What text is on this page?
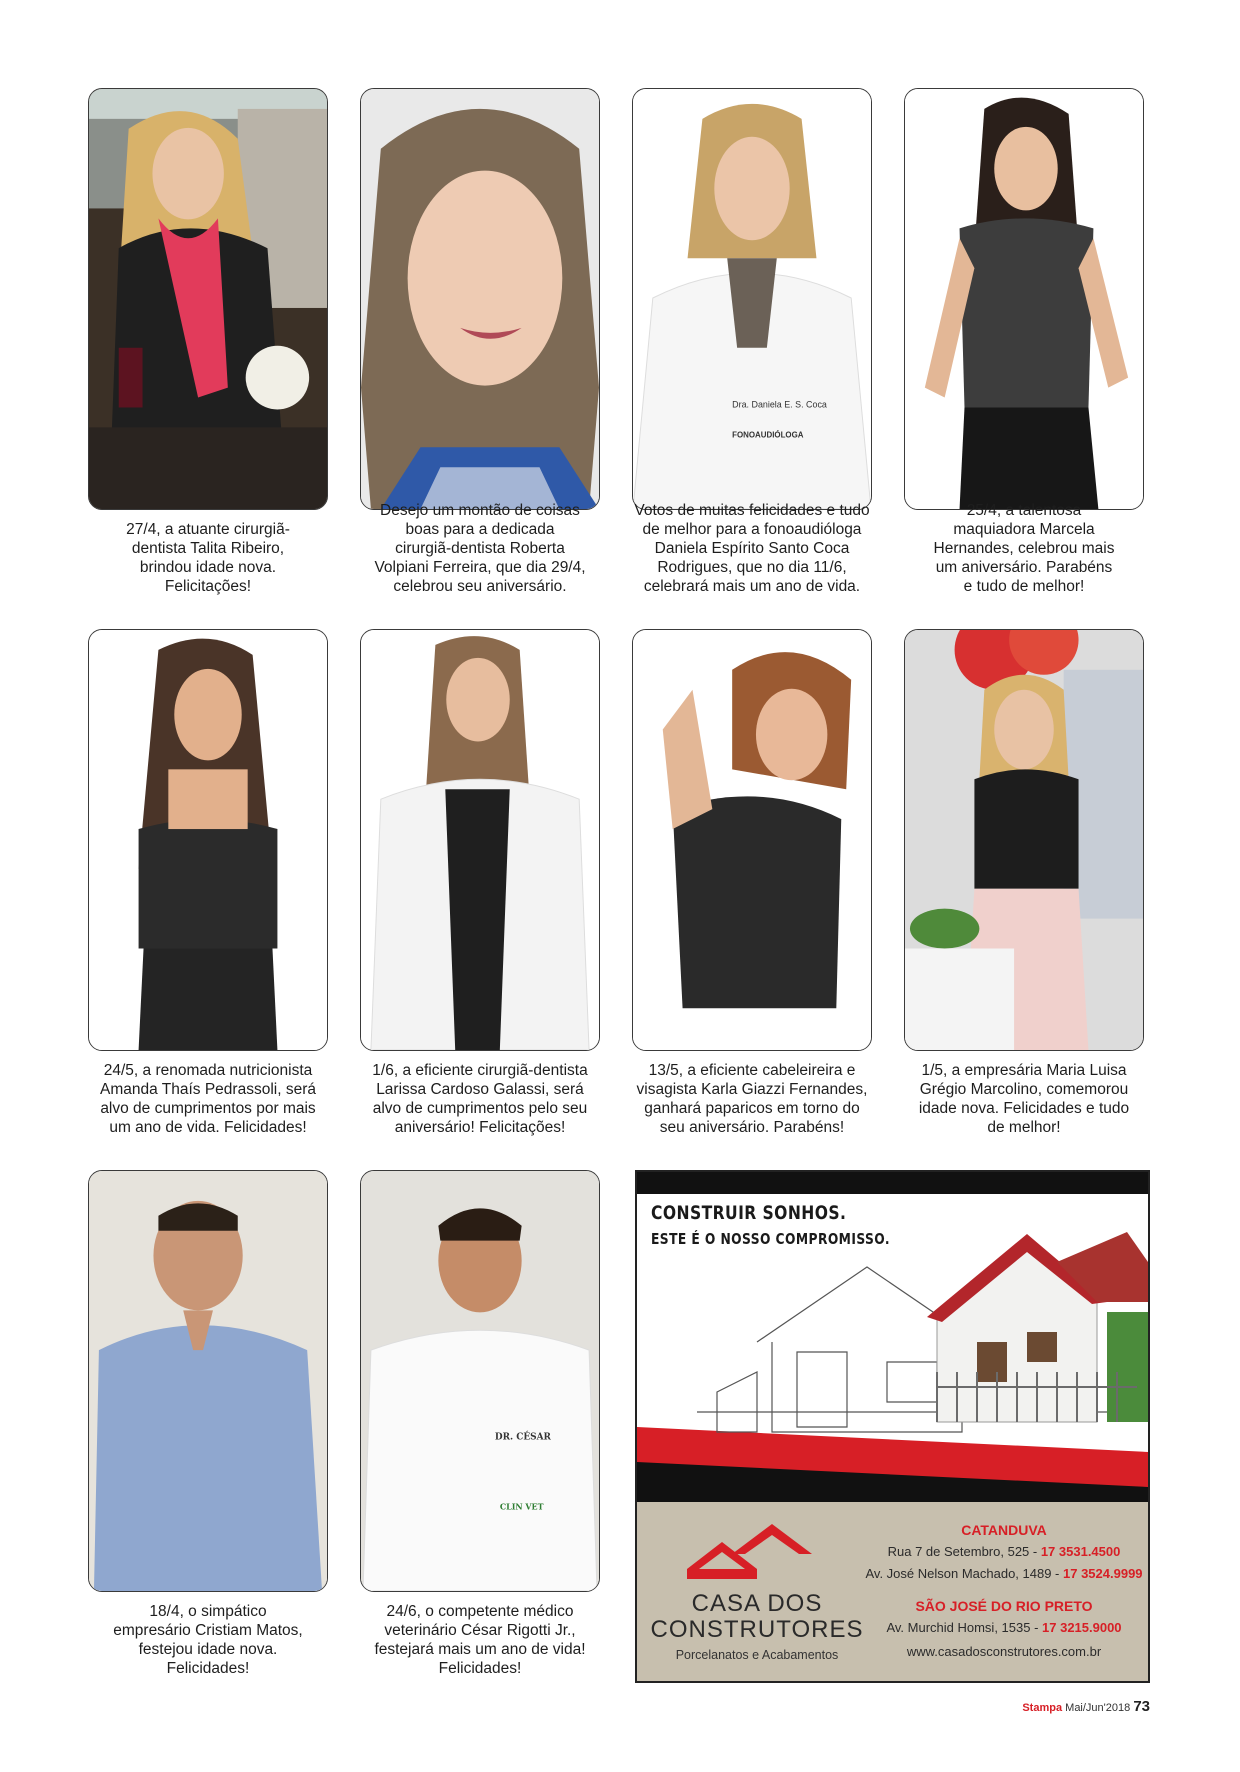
Dra. Daniela E. S. Coca
FONOAUDIÓLOGA
27/4, a atuante cirurgiã-
dentista Talita Ribeiro,
brindou idade nova.
Felicitações!
Desejo um montão de coisas
boas para a dedicada
cirurgiã-dentista Roberta
Volpiani Ferreira, que dia 29/4,
celebrou seu aniversário.
Votos de muitas felicidades e tudo
de melhor para a fonoaudióloga
Daniela Espírito Santo Coca
Rodrigues, que no dia 11/6,
celebrará mais um ano de vida.
25/4, a talentosa
maquiadora Marcela
Hernandes, celebrou mais
um aniversário. Parabéns
e tudo de melhor!
24/5, a renomada nutricionista
Amanda Thaís Pedrassoli, será
alvo de cumprimentos por mais
um ano de vida. Felicidades!
1/6, a eficiente cirurgiã-dentista
Larissa Cardoso Galassi, será
alvo de cumprimentos pelo seu
aniversário! Felicitações!
13/5, a eficiente cabeleireira e
visagista Karla Giazzi Fernandes,
ganhará paparicos em torno do
seu aniversário. Parabéns!
1/5, a empresária Maria Luisa
Grégio Marcolino, comemorou
idade nova. Felicidades e tudo
de melhor!
DR. CÉSAR
CLIN VET
18/4, o simpático
empresário Cristiam Matos,
festejou idade nova.
Felicidades!
24/6, o competente médico
veterinário César Rigotti Jr.,
festejará mais um ano de vida!
Felicidades!
CONSTRUIR SONHOS.
ESTE É O NOSSO COMPROMISSO.
CASA DOS
CONSTRUTORES
Porcelanatos e Acabamentos
CATANDUVA
Rua 7 de Setembro, 525 - 17 3531.4500
Av. José Nelson Machado, 1489 - 17 3524.9999
SÃO JOSÉ DO RIO PRETO
Av. Murchid Homsi, 1535 - 17 3215.9000
www.casadosconstrutores.com.br
Stampa Mai/Jun'2018 73
